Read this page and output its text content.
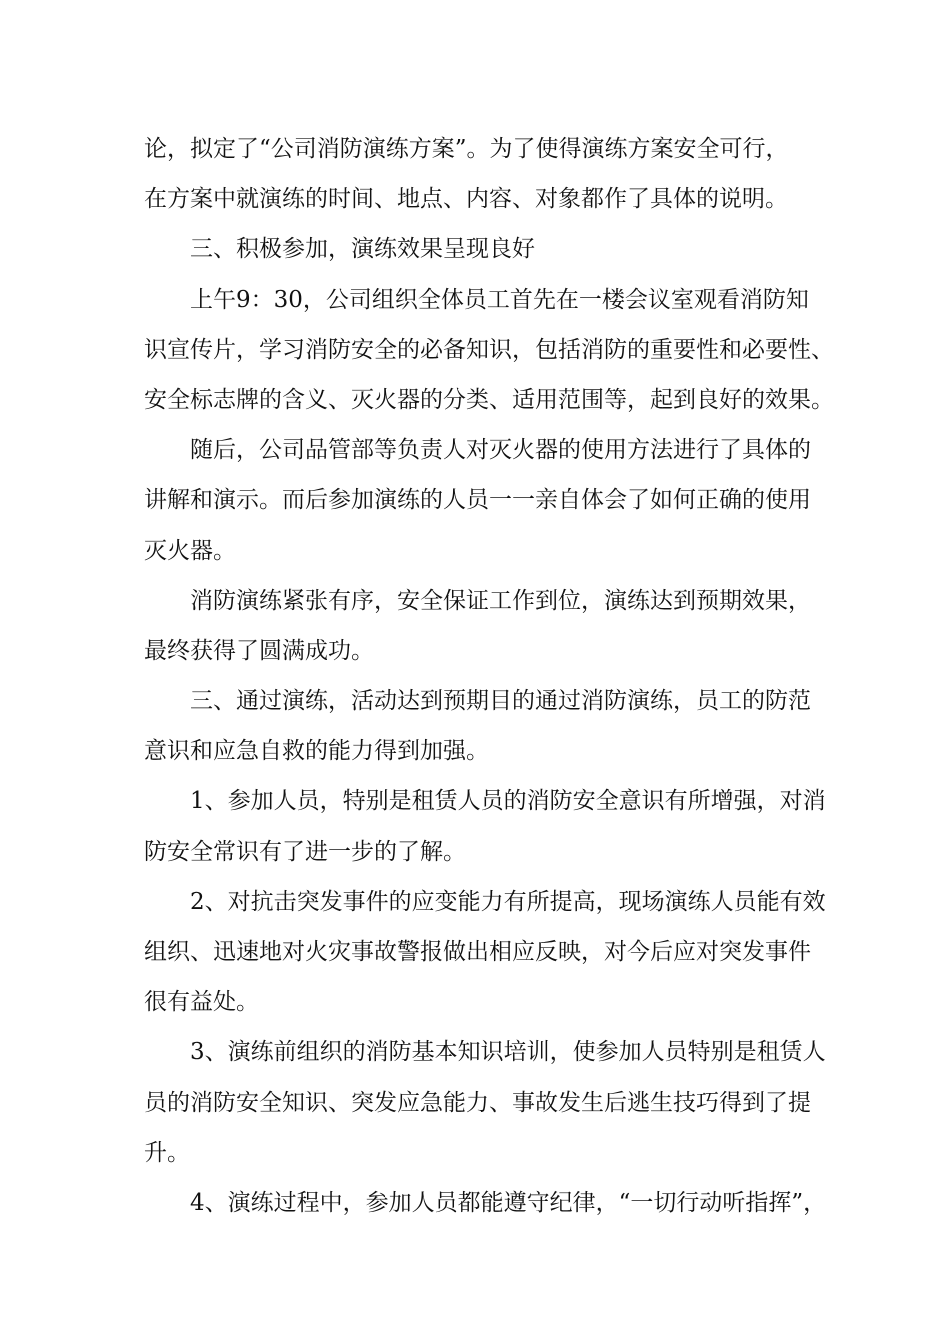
论，拟定了“公司消防演练方案”。为了使得演练方案安全可行，
在方案中就演练的时间、地点、内容、对象都作了具体的说明。
三、积极参加，演练效果呈现良好
上午9：30，公司组织全体员工首先在一楼会议室观看消防知
识宣传片，学习消防安全的必备知识，包括消防的重要性和必要性、
安全标志牌的含义、灭火器的分类、适用范围等，起到良好的效果。
随后，公司品管部等负责人对灭火器的使用方法进行了具体的
讲解和演示。而后参加演练的人员一一亲自体会了如何正确的使用
灭火器。
消防演练紧张有序，安全保证工作到位，演练达到预期效果，
最终获得了圆满成功。
三、通过演练，活动达到预期目的通过消防演练，员工的防范
意识和应急自救的能力得到加强。
1、参加人员，特别是租赁人员的消防安全意识有所增强，对消
防安全常识有了进一步的了解。
2、对抗击突发事件的应变能力有所提高，现场演练人员能有效
组织、迅速地对火灾事故警报做出相应反映，对今后应对突发事件
很有益处。
3、演练前组织的消防基本知识培训，使参加人员特别是租赁人
员的消防安全知识、突发应急能力、事故发生后逃生技巧得到了提
升。
4、演练过程中，参加人员都能遵守纪律，“一切行动听指挥”，
